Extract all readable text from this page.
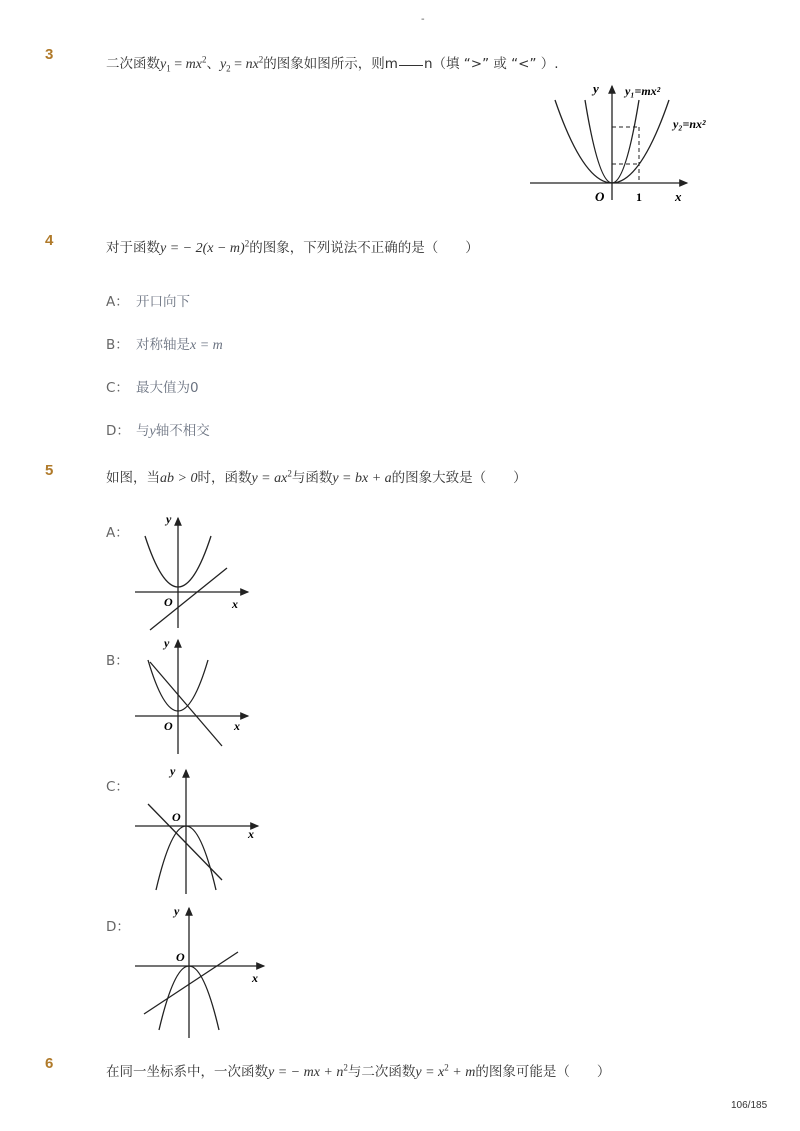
-
3
二次函数$y_1 = mx^2$、$y_2 = nx^2$的图象如图所示，则m n（填 “>” 或 “<” ）.
y
x
O	1
y₁=mx²
y₂=nx²
4	对于函数y = − $2(x - m)^2$的图象，下列说法不正确的是（　　）
A： 开口向下
B： 对称轴是x = m
C： 最大值为0
D： 与y轴不相交
5	如图，当ab > 0时，函数$y = ax^2$与函数y = bx + a的图象大致是（　　）
A：
y
x
O
B：
y
x
O
C：
y
x
O
D：
y
x
O
6	在同一坐标系中，一次函数y = − mx + $n^2$与二次函数$y = x^2 + m$的图象可能是（　　）
106/185
